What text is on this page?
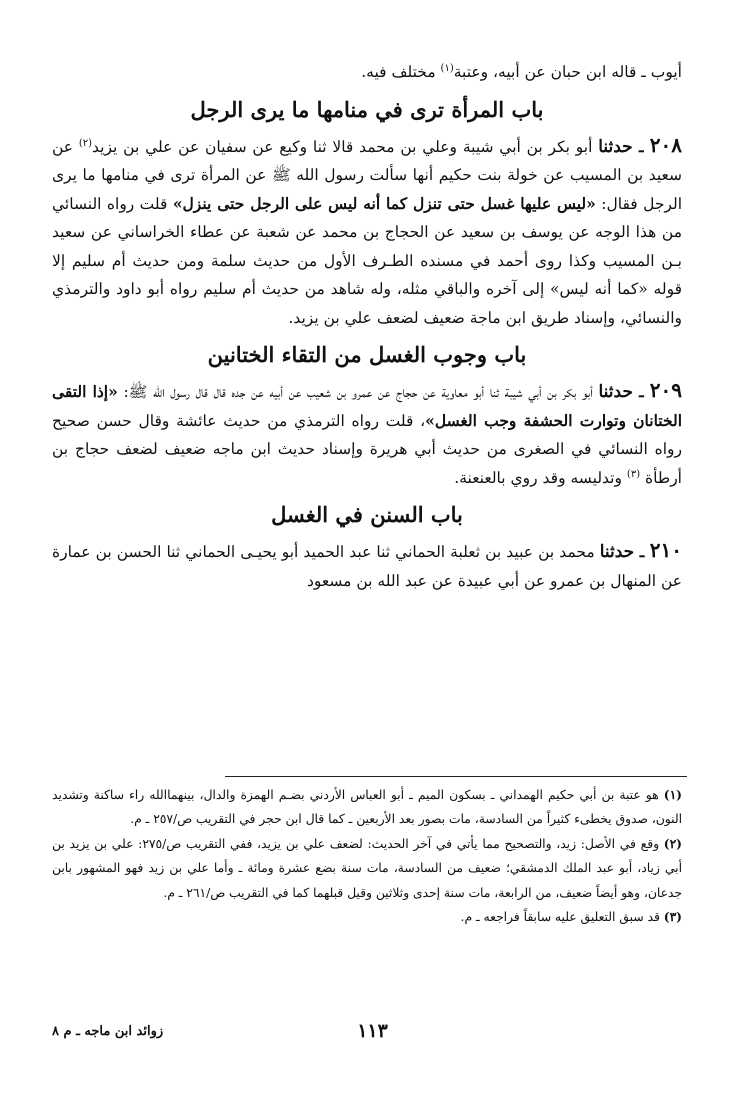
أيوب ـ قاله ابن حبان عن أبيه، وعتبة$^{(١)}$ مختلف فيه.

باب المرأة ترى في منامها ما يرى الرجل

٢٠٨ ـ حدثنا أبو بكر بن أبي شيبة وعلي بن محمد قالا ثنا وكيع عن سفيان عن علي بن يزيد$^{(٢)}$ عن سعيد بن المسيب عن خولة بنت حكيم أنها سألت رسول الله ﷺ عن المرأة ترى في منامها ما يرى الرجل فقال: «ليس عليها غسل حتى تنزل كما أنه ليس على الرجل حتى ينزل» قلت رواه النسائي من هذا الوجه عن يوسف بن سعيد عن الحجاج بن محمد عن شعبة عن عطاء الخراساني عن سعيد بـن المسيب وكذا روى أحمد في مسنده الطـرف الأول من حديث سلمة ومن حديث أم سليم إلا قوله «كما أنه ليس» إلى آخره والباقي مثله، وله شاهد من حديث أم سليم رواه أبو داود والترمذي والنسائي، وإسناد طريق ابن ماجة ضعيف لضعف علي بن يزيد.

باب وجوب الغسل من التقاء الختانين

٢٠٩ ـ حدثنا أبو بكر بن أبي شيبة ثنا أبو معاوية عن حجاج عن عمرو بن شعيب عن أبيه عن جده قال قال رسول الله ﷺ: «إذا التقى الختانان وتوارت الحشفة وجب الغسل»، قلت رواه الترمذي من حديث عائشة وقال حسن صحيح رواه النسائي في الصغرى من حديث أبي هريرة وإسناد حديث ابن ماجه ضعيف لضعف حجاج بن أرطأة $^{(٣)}$ وتدليسه وقد روي بالعنعنة.

باب السنن في الغسل

٢١٠ ـ حدثنا محمد بن عبيد بن ثعلبة الحماني ثنا عبد الحميد أبو يحيـى الحماني ثنا الحسن بن عمارة عن المنهال بن عمرو عن أبي عبيدة عن عبد الله بن مسعود

(١) هو عتبة بن أبي حكيم الهمداني ـ بسكون الميم ـ أبو العباس الأردني بضـم الهمزة والدال، بينهماالله راء ساكنة وتشديد النون، صدوق يخطىء كثيراً من السادسة، مات بصور بعد الأربعين ـ كما قال ابن حجر في التقريب ص/٢٥٧ ـ م.

(٢) وقع في الأصل: زيد، والتصحيح مما يأتي في آخر الحديث: لضعف علي بن يزيد، ففي التقريب ص/٢٧٥: علي بن يزيد بن أبي زياد، أبو عبد الملك الدمشقي؛ ضعيف من السادسة، مات سنة بضع عشرة ومائة ـ وأما علي بن زيد فهو المشهور بابن جدعان، وهو أيضاً ضعيف، من الرابعة، مات سنة إحدى وثلاثين وقيل قبلهما كما في التقريب ص/٢٦١ ـ م.

(٣) قد سبق التعليق عليه سابقاً فراجعه ـ م.

١١٣
زوائد ابن ماجه ـ م ٨
